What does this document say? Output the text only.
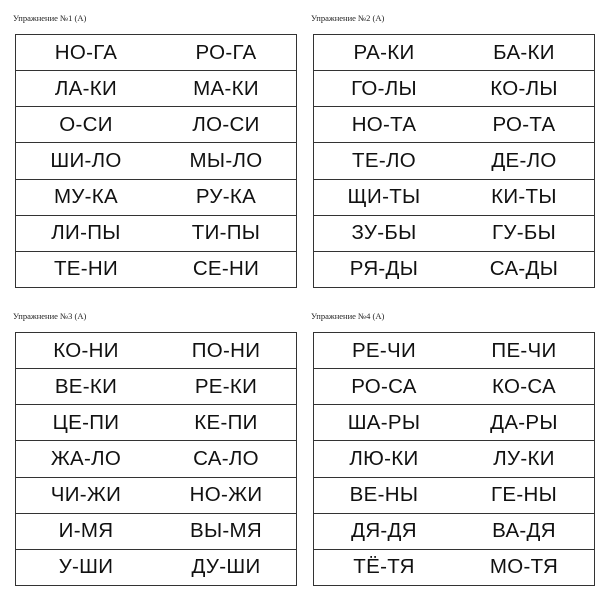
Упражнение №1 (А)
НО-ГА	РО-ГА
ЛА-КИ	МА-КИ
О-СИ	ЛО-СИ
ШИ-ЛО	МЫ-ЛО
МУ-КА	РУ-КА
ЛИ-ПЫ	ТИ-ПЫ
ТЕ-НИ	СЕ-НИ
Упражнение №2 (А)
РА-КИ	БА-КИ
ГО-ЛЫ	КО-ЛЫ
НО-ТА	РО-ТА
ТЕ-ЛО	ДЕ-ЛО
ЩИ-ТЫ	КИ-ТЫ
ЗУ-БЫ	ГУ-БЫ
РЯ-ДЫ	СА-ДЫ
Упражнение №3 (А)
КО-НИ	ПО-НИ
ВЕ-КИ	РЕ-КИ
ЦЕ-ПИ	КЕ-ПИ
ЖА-ЛО	СА-ЛО
ЧИ-ЖИ	НО-ЖИ
И-МЯ	ВЫ-МЯ
У-ШИ	ДУ-ШИ
Упражнение №4 (А)
РЕ-ЧИ	ПЕ-ЧИ
РО-СА	КО-СА
ША-РЫ	ДА-РЫ
ЛЮ-КИ	ЛУ-КИ
ВЕ-НЫ	ГЕ-НЫ
ДЯ-ДЯ	ВА-ДЯ
ТЁ-ТЯ	МО-ТЯ
